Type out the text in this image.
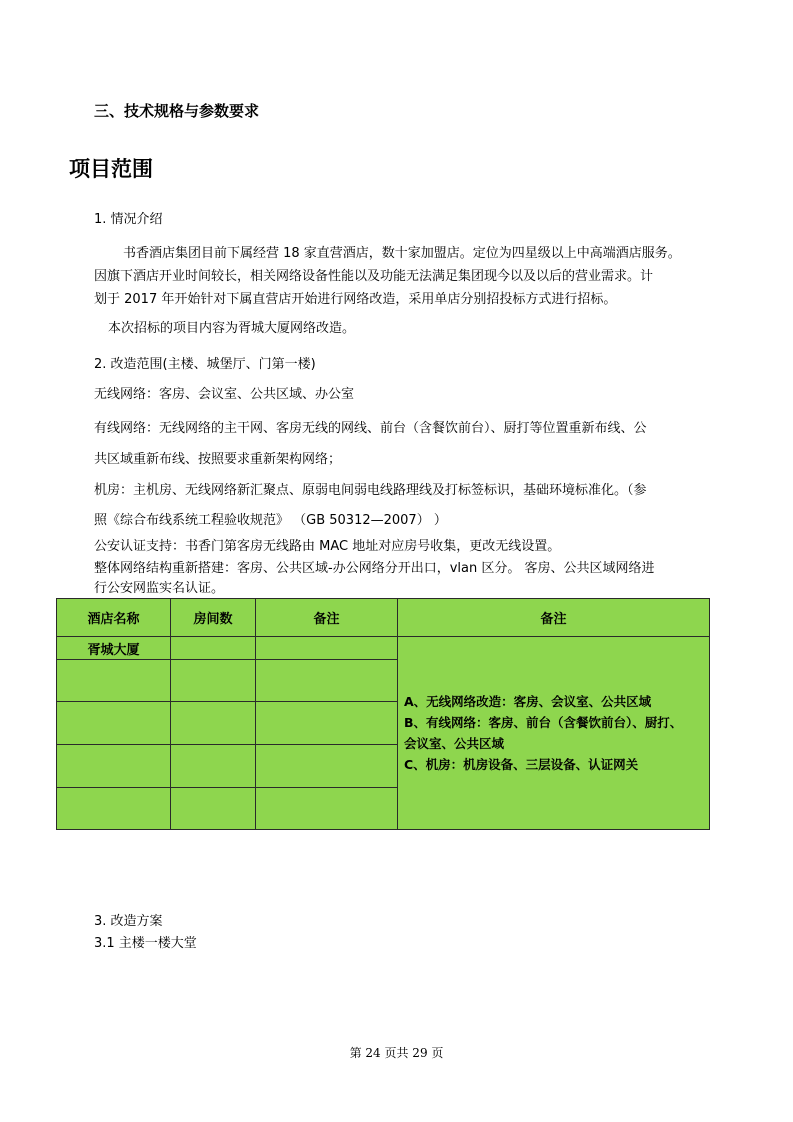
三、技术规格与参数要求
项目范围
1. 情况介绍
书香酒店集团目前下属经营 18 家直营酒店，数十家加盟店。定位为四星级以上中高端酒店服务。
因旗下酒店开业时间较长，相关网络设备性能以及功能无法满足集团现今以及以后的营业需求。计
划于 2017 年开始针对下属直营店开始进行网络改造，采用单店分别招投标方式进行招标。
本次招标的项目内容为胥城大厦网络改造。
2. 改造范围(主楼、城堡厅、门第一楼)
无线网络：客房、会议室、公共区域、办公室
有线网络：无线网络的主干网、客房无线的网线、前台（含餐饮前台）、厨打等位置重新布线、公
共区域重新布线、按照要求重新架构网络；
机房：主机房、无线网络新汇聚点、原弱电间弱电线路理线及打标签标识，基础环境标准化。（参
照《综合布线系统工程验收规范》 （GB 50312—2007） ）
公安认证支持：书香门第客房无线路由 MAC 地址对应房号收集，更改无线设置。
整体网络结构重新搭建：客房、公共区域-办公网络分开出口，vlan 区分。 客房、公共区域网络进
行公安网监实名认证。
酒店名称	房间数	备注	备注
胥城大厦			A、无线网络改造：客房、会议室、公共区域
B、有线网络：客房、前台（含餐饮前台）、厨打、
会议室、公共区域
C、机房：机房设备、三层设备、认证网关

3. 改造方案
3.1 主楼一楼大堂
第 24 页共 29 页
